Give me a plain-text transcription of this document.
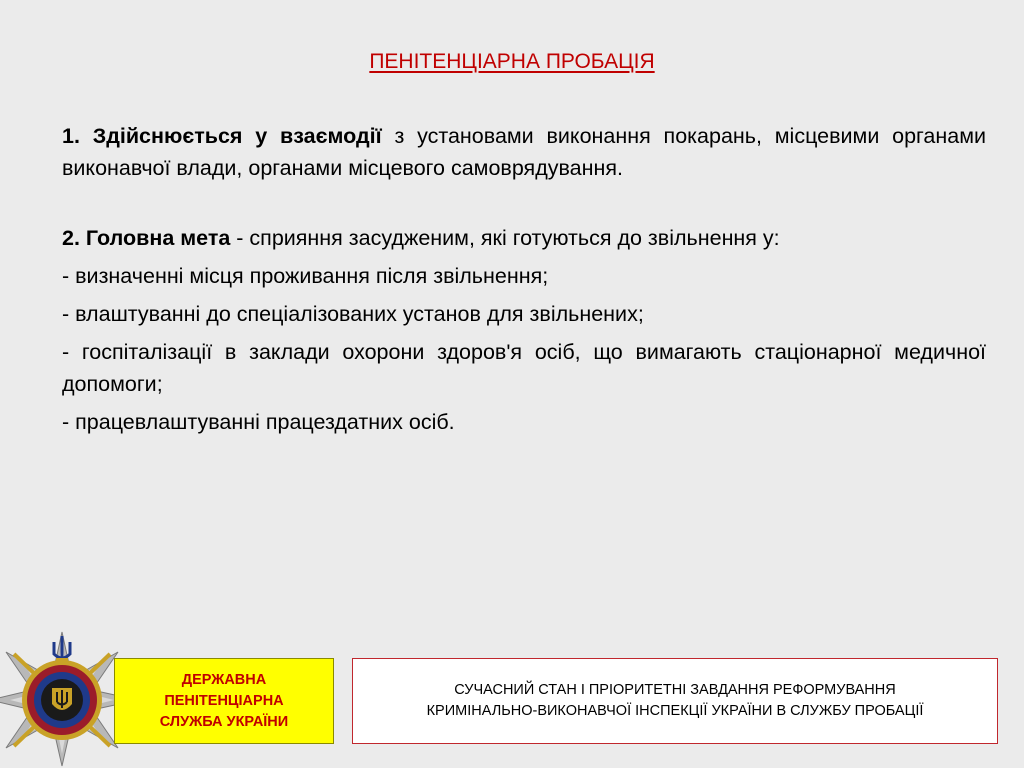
ПЕНІТЕНЦІАРНА ПРОБАЦІЯ

1. Здійснюється у взаємодії з установами виконання покарань, місцевими органами виконавчої влади, органами місцевого самоврядування.

2. Головна мета - сприяння засудженим, які готуються до звільнення у:

- визначенні місця проживання після звільнення;

- влаштуванні до спеціалізованих установ для звільнених;

- госпіталізації в заклади охорони здоров'я осіб, що вимагають стаціонарної медичної допомоги;

- працевлаштуванні працездатних осіб.

ДЕРЖАВНА
ПЕНІТЕНЦІАРНА
СЛУЖБА УКРАЇНИ
СУЧАСНИЙ СТАН І ПРІОРИТЕТНІ ЗАВДАННЯ РЕФОРМУВАННЯ
КРИМІНАЛЬНО-ВИКОНАВЧОЇ ІНСПЕКЦІЇ УКРАЇНИ В СЛУЖБУ ПРОБАЦІЇ
